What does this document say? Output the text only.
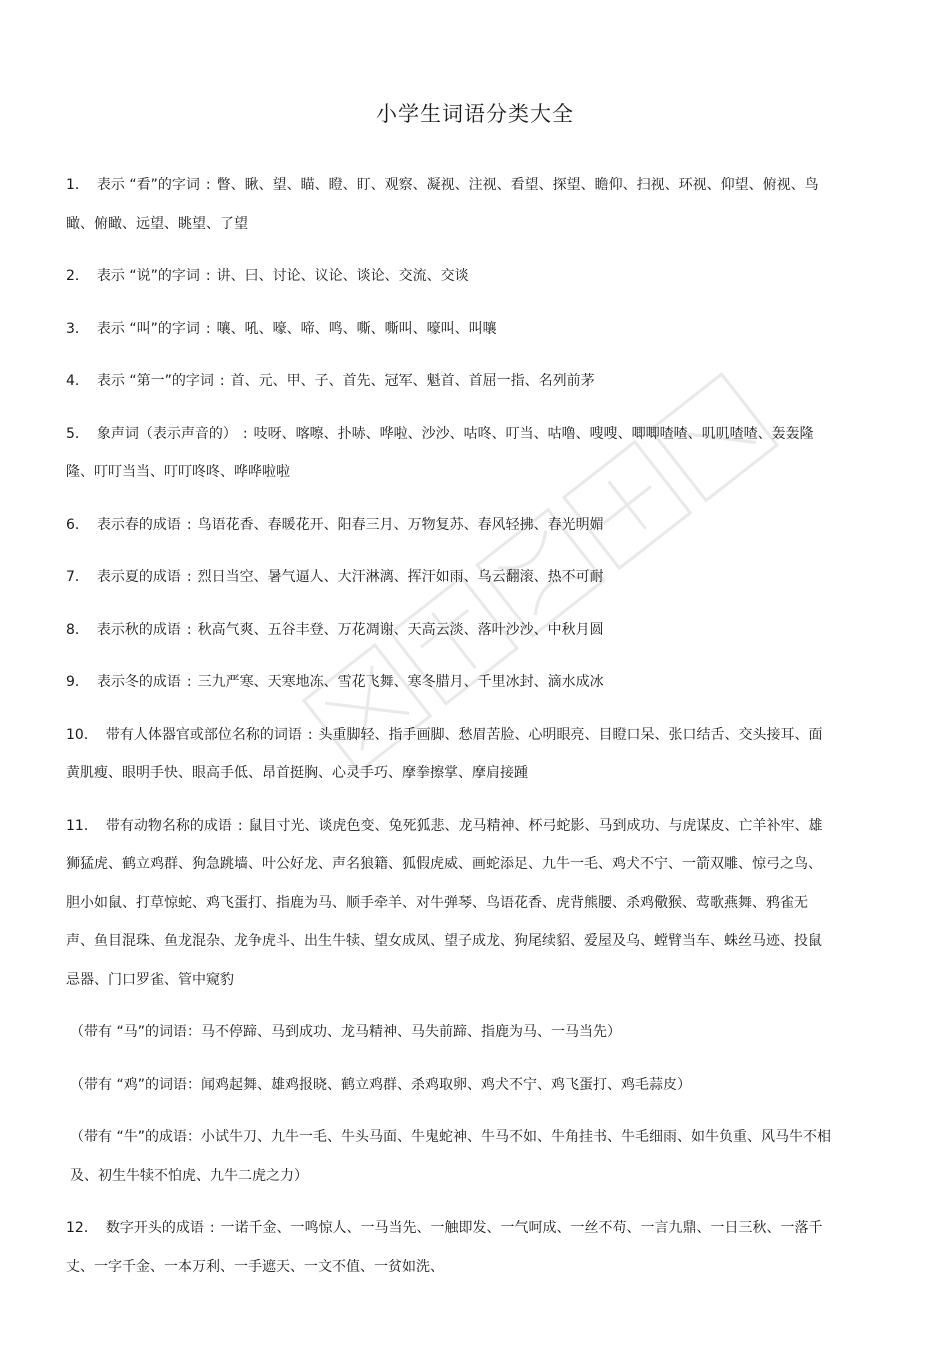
小学生词语分类大全
1． 表示 “看”的字词 : 瞥、瞅、望、瞄、瞪、盯、观察、凝视、注视、看望、探望、瞻仰、扫视、环视、仰望、俯视、鸟瞰、俯瞰、远望、眺望、了望
2． 表示 “说”的字词 : 讲、曰、讨论、议论、谈论、交流、交谈
3． 表示 “叫”的字词 : 嚷、吼、嚎、啼、鸣、嘶、嘶叫、嚎叫、叫嚷
4． 表示 “第一”的字词 : 首、元、甲、子、首先、冠军、魁首、首屈一指、名列前茅
5． 象声词（表示声音的） : 吱呀、喀嚓、扑哧、哗啦、沙沙、咕咚、叮当、咕噜、嗖嗖、唧唧喳喳、叽叽喳喳、轰轰隆隆、叮叮当当、叮叮咚咚、哗哗啦啦
6． 表示春的成语 : 鸟语花香、春暖花开、阳春三月、万物复苏、春风轻拂、春光明媚
7． 表示夏的成语 : 烈日当空、暑气逼人、大汗淋漓、挥汗如雨、乌云翻滚、热不可耐
8． 表示秋的成语 : 秋高气爽、五谷丰登、万花凋谢、天高云淡、落叶沙沙、中秋月圆
9． 表示冬的成语 : 三九严寒、天寒地冻、雪花飞舞、寒冬腊月、千里冰封、滴水成冰
10． 带有人体器官或部位名称的词语 : 头重脚轻、指手画脚、愁眉苦脸、心明眼亮、目瞪口呆、张口结舌、交头接耳、面黄肌瘦、眼明手快、眼高手低、昂首挺胸、心灵手巧、摩拳擦掌、摩肩接踵
11． 带有动物名称的成语 : 鼠目寸光、谈虎色变、兔死狐悲、龙马精神、杯弓蛇影、马到成功、与虎谋皮、亡羊补牢、雄狮猛虎、鹤立鸡群、狗急跳墙、叶公好龙、声名狼籍、狐假虎威、画蛇添足、九牛一毛、鸡犬不宁、一箭双雕、惊弓之鸟、胆小如鼠、打草惊蛇、鸡飞蛋打、指鹿为马、顺手牵羊、对牛弹琴、鸟语花香、虎背熊腰、杀鸡儆猴、莺歌燕舞、鸦雀无声、鱼目混珠、鱼龙混杂、龙争虎斗、出生牛犊、望女成凤、望子成龙、狗尾续貂、爱屋及乌、螳臂当车、蛛丝马迹、投鼠忌器、门口罗雀、管中窥豹
（带有 “马”的词语：马不停蹄、马到成功、龙马精神、马失前蹄、指鹿为马、一马当先）
（带有 “鸡”的词语：闻鸡起舞、雄鸡报晓、鹤立鸡群、杀鸡取卵、鸡犬不宁、鸡飞蛋打、鸡毛蒜皮）
（带有 “牛”的成语：小试牛刀、九牛一毛、牛头马面、牛鬼蛇神、牛马不如、牛角挂书、牛毛细雨、如牛负重、风马牛不相及、初生牛犊不怕虎、九牛二虎之力）
12． 数字开头的成语 : 一诺千金、一鸣惊人、一马当先、一触即发、一气呵成、一丝不苟、一言九鼎、一日三秋、一落千丈、一字千金、一本万利、一手遮天、一文不值、一贫如洗、
